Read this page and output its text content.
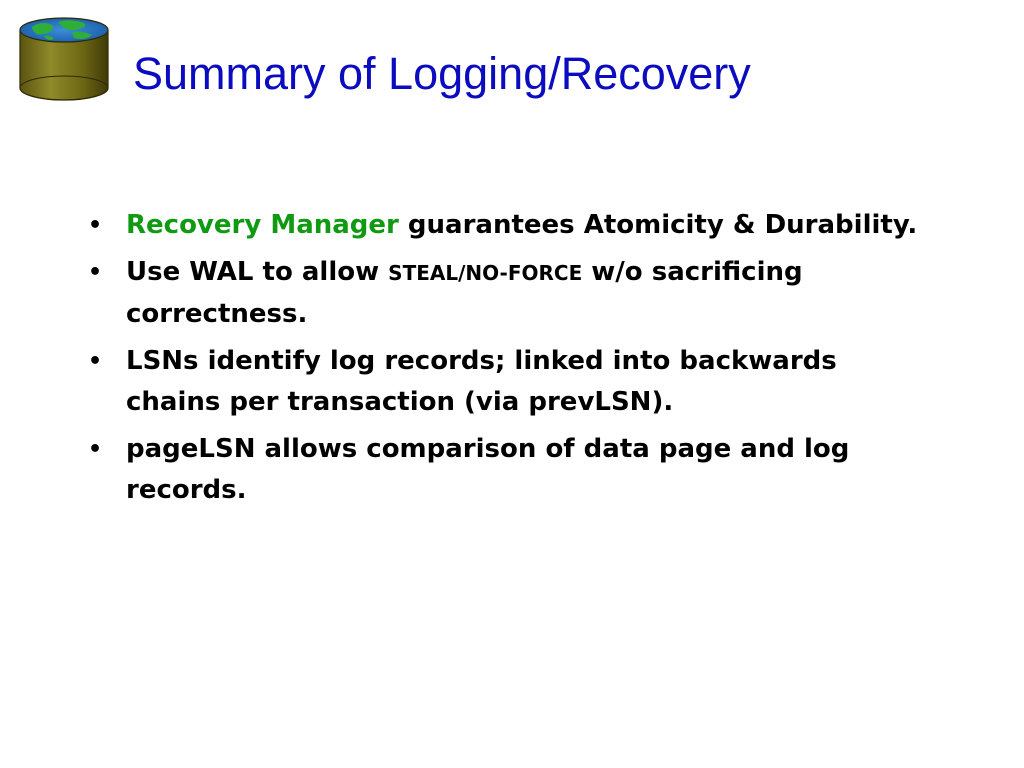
Summary of Logging/Recovery
• Recovery Manager guarantees Atomicity & Durability.
• Use WAL to allow STEAL/NO-FORCE w/o sacrificing correctness.
• LSNs identify log records; linked into backwards chains per transaction (via prevLSN).
• pageLSN allows comparison of data page and log records.
